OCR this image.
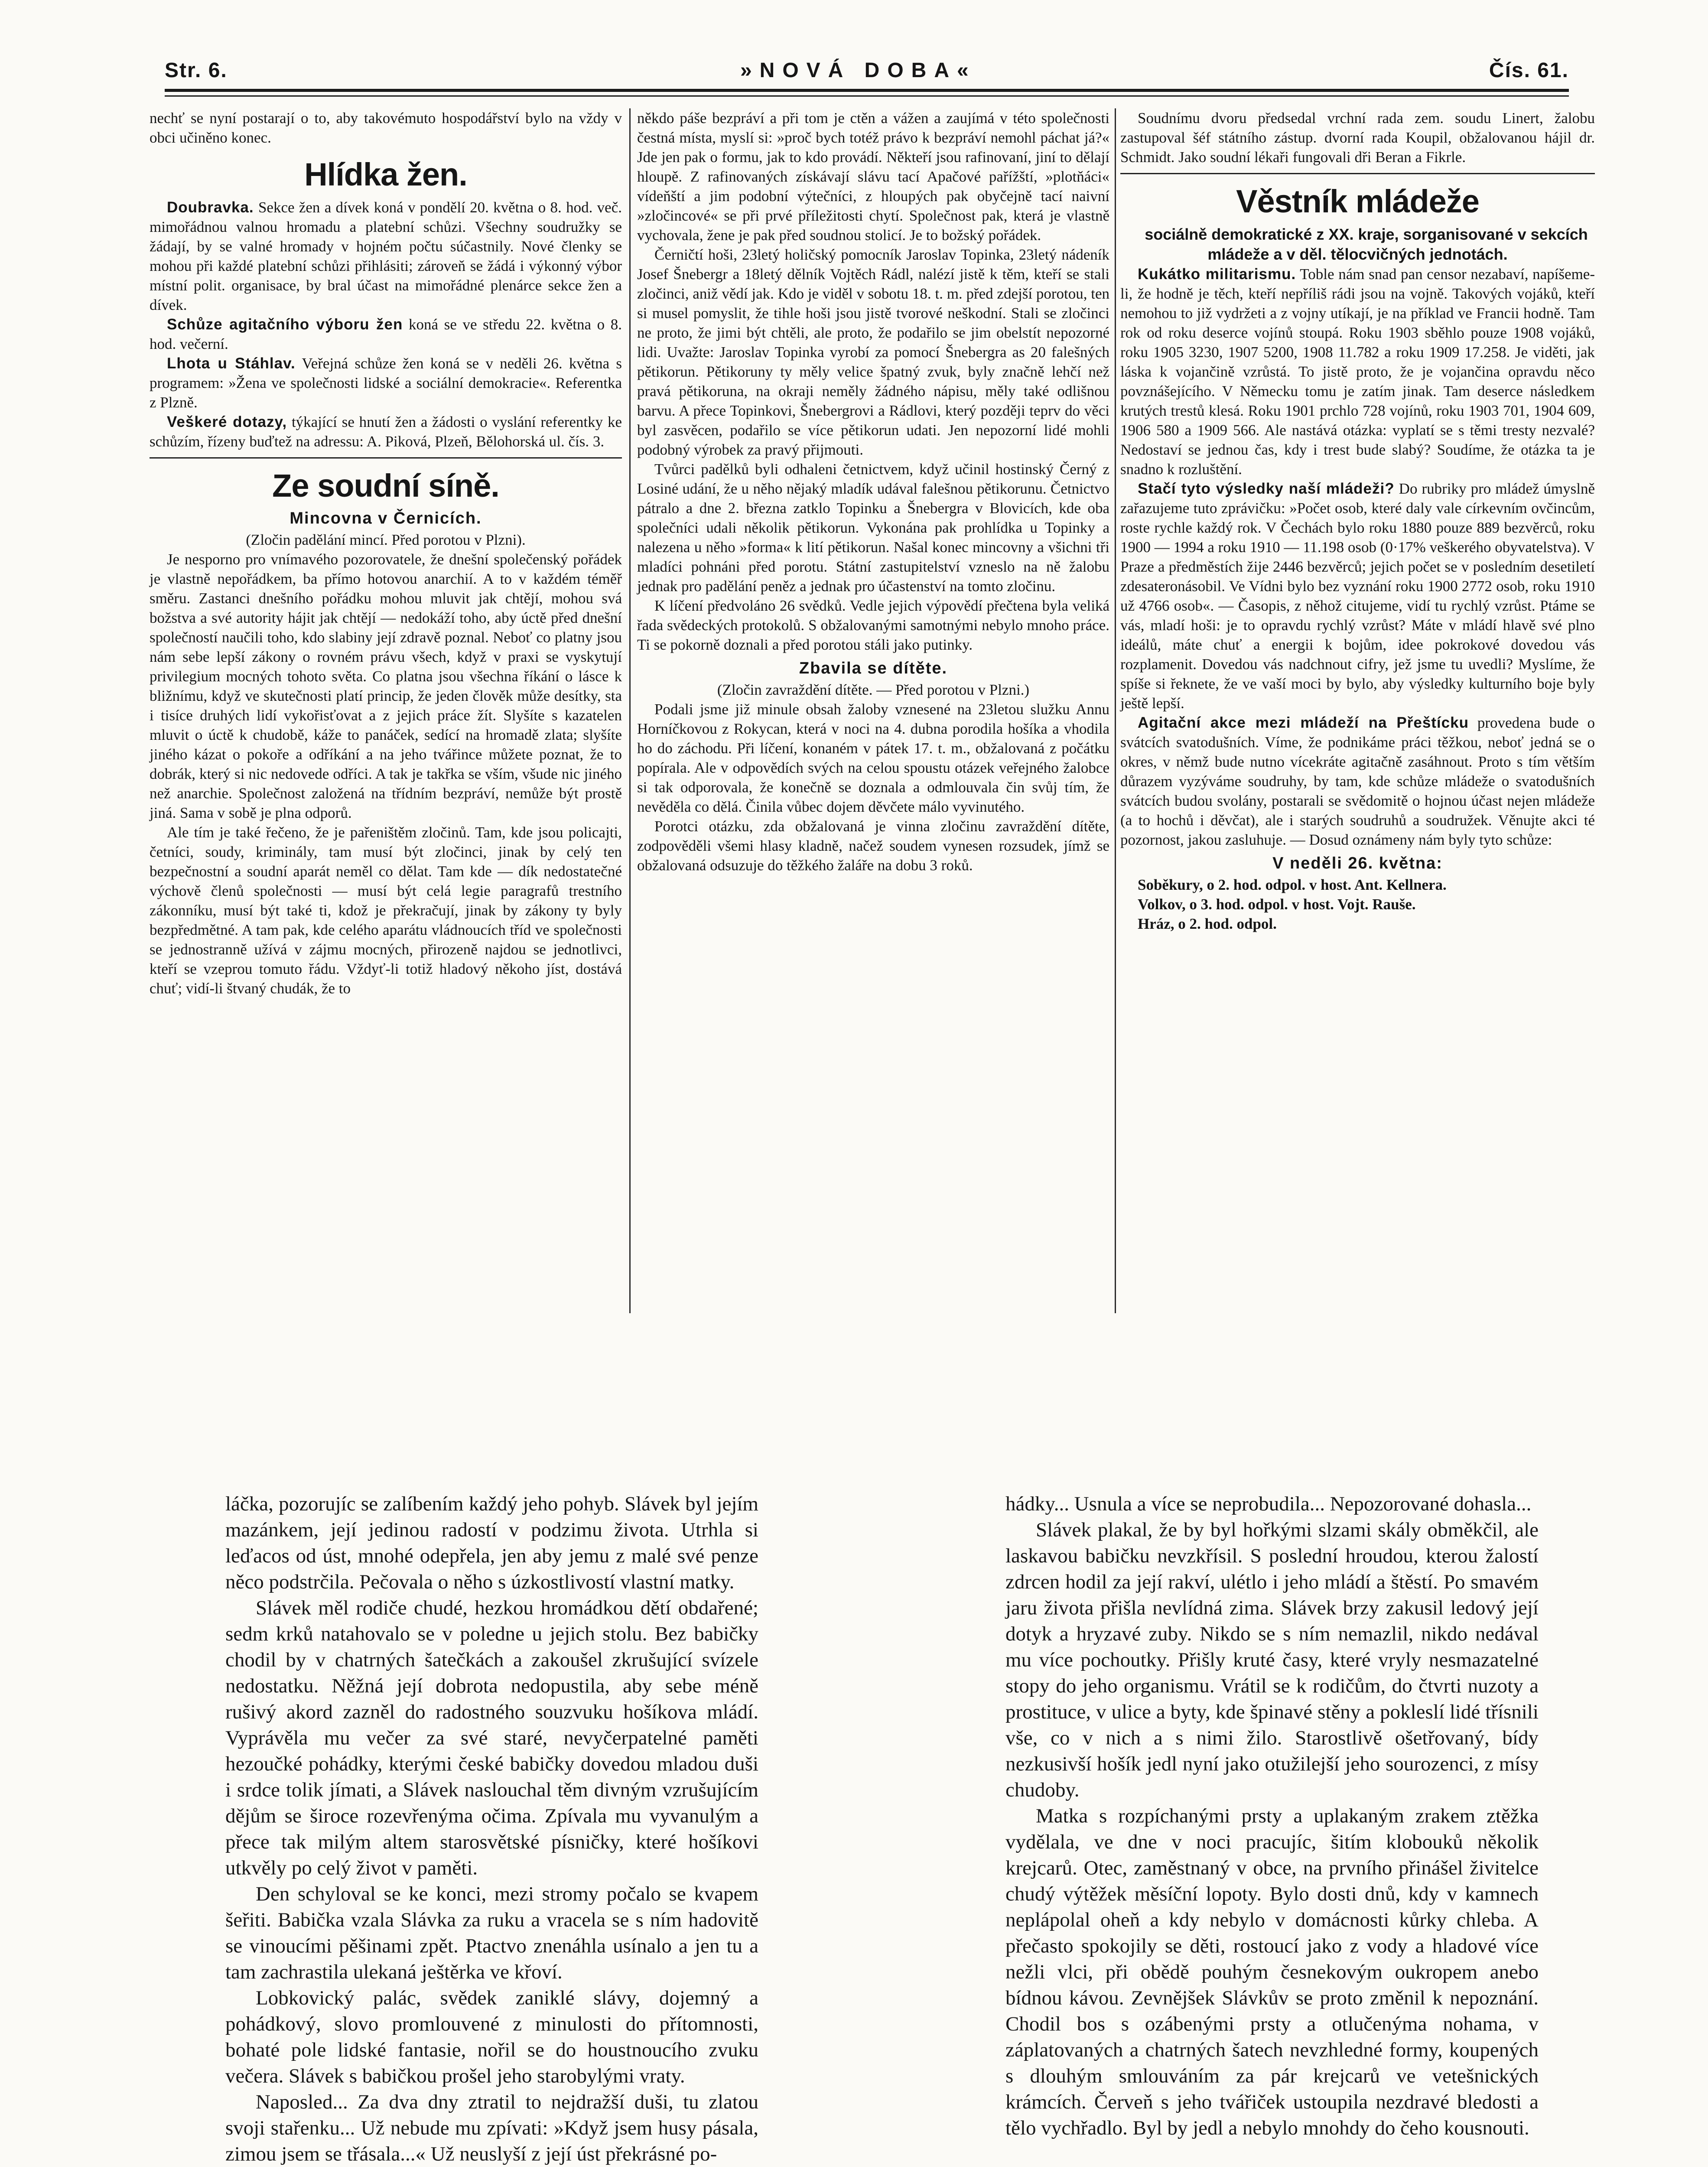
Str. 6.	»NOVÁ DOBA«	Čís. 61.

nechť se nyní postarají o to, aby takovémuto hospodářství bylo na vždy v obci učiněno konec.

Hlídka žen.

Doubravka. Sekce žen a dívek koná v pondělí 20. května o 8. hod. več. mimořádnou valnou hromadu a platební schůzi. Všechny soudružky se žádají, by se valné hromady v hojném počtu súčastnily. Nové členky se mohou při každé platební schůzi přihlásiti; zároveň se žádá i výkonný výbor místní polit. organisace, by bral účast na mimořádné plenárce sekce žen a dívek.

Schůze agitačního výboru žen koná se ve středu 22. května o 8. hod. večerní.

Lhota u Stáhlav. Veřejná schůze žen koná se v neděli 26. května s programem: »Žena ve společnosti lidské a sociální demokracie«. Referentka z Plzně.

Veškeré dotazy, týkající se hnutí žen a žádosti o vyslání referentky ke schůzím, řízeny buďtež na adressu: A. Piková, Plzeň, Bělohorská ul. čís. 3.

Ze soudní síně.
Mincovna v Černicích.

(Zločin padělání mincí. Před porotou v Plzni).

Je nesporno pro vnímavého pozorovatele, že dnešní společenský pořádek je vlastně nepořádkem, ba přímo hotovou anarchií. A to v každém téměř směru. Zastanci dnešního pořádku mohou mluvit jak chtějí, mohou svá božstva a své autority hájit jak chtějí — nedokáží toho, aby úctě před dnešní společností naučili toho, kdo slabiny její zdravě poznal. Neboť co platny jsou nám sebe lepší zákony o rovném právu všech, když v praxi se vyskytují privilegium mocných tohoto světa. Co platna jsou všechna říkání o lásce k bližnímu, když ve skutečnosti platí princip, že jeden člověk může desítky, sta i tisíce druhých lidí vykořisťovat a z jejich práce žít. Slyšíte s kazatelen mluvit o úctě k chudobě, káže to panáček, sedící na hromadě zlata; slyšíte jiného kázat o pokoře a odříkání a na jeho tvářince můžete poznat, že to dobrák, který si nic nedovede odříci. A tak je takřka se vším, všude nic jiného než anarchie. Společnost založená na třídním bezpráví, nemůže být prostě jiná. Sama v sobě je plna odporů.

Ale tím je také řečeno, že je pařeništěm zločinů. Tam, kde jsou policajti, četníci, soudy, kriminály, tam musí být zločinci, jinak by celý ten bezpečnostní a soudní aparát neměl co dělat. Tam kde — dík nedostatečné výchově členů společnosti — musí být celá legie paragrafů trestního zákonníku, musí být také ti, kdož je překračují, jinak by zákony ty byly bezpředmětné. A tam pak, kde celého aparátu vládnoucích tříd ve společnosti se jednostranně užívá v zájmu mocných, přirozeně najdou se jednotlivci, kteří se vzeprou tomuto řádu. Vždyť-li totiž hladový někoho jíst, dostává chuť; vidí-li štvaný chudák, že to

někdo páše bezpráví a při tom je ctěn a vážen a zaujímá v této společnosti čestná místa, myslí si: »proč bych totéž právo k bezpráví nemohl páchat já?« Jde jen pak o formu, jak to kdo provádí. Někteří jsou rafinovaní, jiní to dělají hloupě. Z rafinovaných získávají slávu tací Apačové pařížští, »plotňáci« vídeňští a jim podobní výtečníci, z hloupých pak obyčejně tací naivní »zločincové« se při prvé příležitosti chytí. Společnost pak, která je vlastně vychovala, žene je pak před soudnou stolicí. Je to božský pořádek.

Černičtí hoši, 23letý holičský pomocník Jaroslav Topinka, 23letý nádeník Josef Šnebergr a 18letý dělník Vojtěch Rádl, nalézí jistě k těm, kteří se stali zločinci, aniž vědí jak. Kdo je viděl v sobotu 18. t. m. před zdejší porotou, ten si musel pomyslit, že tihle hoši jsou jistě tvorové neškodní. Stali se zločinci ne proto, že jimi být chtěli, ale proto, že podařilo se jim obelstít nepozorné lidi. Uvažte: Jaroslav Topinka vyrobí za pomocí Šnebergra as 20 falešných pětikorun. Pětikoruny ty měly velice špatný zvuk, byly značně lehčí než pravá pětikoruna, na okraji neměly žádného nápisu, měly také odlišnou barvu. A přece Topinkovi, Šnebergrovi a Rádlovi, který později teprv do věci byl zasvěcen, podařilo se více pětikorun udati. Jen nepozorní lidé mohli podobný výrobek za pravý přijmouti.

Tvůrci padělků byli odhaleni četnictvem, když učinil hostinský Černý z Losiné udání, že u něho nějaký mladík udával falešnou pětikorunu. Četnictvo pátralo a dne 2. března zatklo Topinku a Šnebergra v Blovicích, kde oba společníci udali několik pětikorun. Vykonána pak prohlídka u Topinky a nalezena u něho »forma« k lití pětikorun. Našal konec mincovny a všichni tři mladíci pohnáni před porotu. Státní zastupitelství vzneslo na ně žalobu jednak pro padělání peněz a jednak pro účastenství na tomto zločinu.

K líčení předvoláno 26 svědků. Vedle jejich výpovědí přečtena byla veliká řada svědeckých protokolů. S obžalovanými samotnými nebylo mnoho práce. Ti se pokorně doznali a před porotou stáli jako putinky.

Zbavila se dítěte.

(Zločin zavraždění dítěte. — Před porotou v Plzni.)

Podali jsme již minule obsah žaloby vznesené na 23letou služku Annu Horníčkovou z Rokycan, která v noci na 4. dubna porodila hošíka a vhodila ho do záchodu. Při líčení, konaném v pátek 17. t. m., obžalovaná z počátku popírala. Ale v odpovědích svých na celou spoustu otázek veřejného žalobce si tak odporovala, že konečně se doznala a odmlouvala čin svůj tím, že nevěděla co dělá. Činila vůbec dojem děvčete málo vyvinutého.

Porotci otázku, zda obžalovaná je vinna zločinu zavraždění dítěte, zodpověděli všemi hlasy kladně, načež soudem vynesen rozsudek, jímž se obžalovaná odsuzuje do těžkého žaláře na dobu 3 roků.

Soudnímu dvoru předsedal vrchní rada zem. soudu Linert, žalobu zastupoval šéf státního zástup. dvorní rada Koupil, obžalovanou hájil dr. Schmidt. Jako soudní lékaři fungovali dři Beran a Fikrle.

Věstník mládeže

sociálně demokratické z XX. kraje, sorganisované v sekcích mládeže a v děl. tělocvičných jednotách.

Kukátko militarismu. Toble nám snad pan censor nezabaví, napíšeme-li, že hodně je těch, kteří nepříliš rádi jsou na vojně. Takových vojáků, kteří nemohou to již vydržeti a z vojny utíkají, je na příklad ve Francii hodně. Tam rok od roku deserce vojínů stoupá. Roku 1903 sběhlo pouze 1908 vojáků, roku 1905 3230, 1907 5200, 1908 11.782 a roku 1909 17.258. Je viděti, jak láska k vojančině vzrůstá. To jistě proto, že je vojančina opravdu něco povznášejícího. V Německu tomu je zatím jinak. Tam deserce následkem krutých trestů klesá. Roku 1901 prchlo 728 vojínů, roku 1903 701, 1904 609, 1906 580 a 1909 566. Ale nastává otázka: vyplatí se s těmi tresty nezvalé? Nedostaví se jednou čas, kdy i trest bude slabý? Soudíme, že otázka ta je snadno k rozluštění.

Stačí tyto výsledky naší mládeži? Do rubriky pro mládež úmyslně zařazujeme tuto zprávičku: »Počet osob, které daly vale církevním ovčincům, roste rychle každý rok. V Čechách bylo roku 1880 pouze 889 bezvěrců, roku 1900 — 1994 a roku 1910 — 11.198 osob (0·17% veškerého obyvatelstva). V Praze a předměstích žije 2446 bezvěrců; jejich počet se v posledním desetiletí zdesateronásobil. Ve Vídni bylo bez vyznání roku 1900 2772 osob, roku 1910 už 4766 osob«. — Časopis, z něhož citujeme, vidí tu rychlý vzrůst. Ptáme se vás, mladí hoši: je to opravdu rychlý vzrůst? Máte v mládí hlavě své plno ideálů, máte chuť a energii k bojům, idee pokrokové dovedou vás rozplamenit. Dovedou vás nadchnout cifry, jež jsme tu uvedli? Myslíme, že spíše si řeknete, že ve vaší moci by bylo, aby výsledky kulturního boje byly ještě lepší.

Agitační akce mezi mládeží na Přeštícku provedena bude o svátcích svatodušních. Víme, že podnikáme práci těžkou, neboť jedná se o okres, v němž bude nutno vícekráte agitačně zasáhnout. Proto s tím větším důrazem vyzýváme soudruhy, by tam, kde schůze mládeže o svatodušních svátcích budou svolány, postarali se svědomitě o hojnou účast nejen mládeže (a to hochů i děvčat), ale i starých soudruhů a soudružek. Věnujte akci té pozornost, jakou zasluhuje. — Dosud oznámeny nám byly tyto schůze:

V neděli 26. května:

Soběkury, o 2. hod. odpol. v host. Ant. Kellnera.

Volkov, o 3. hod. odpol. v host. Vojt. Rauše.

Hráz, o 2. hod. odpol.

láčka, pozorujíc se zalíbením každý jeho pohyb. Slávek byl jejím mazánkem, její jedinou radostí v podzimu života. Utrhla si leďacos od úst, mnohé odepřela, jen aby jemu z malé své penze něco podstrčila. Pečovala o něho s úzkostlivostí vlastní matky.

Slávek měl rodiče chudé, hezkou hromádkou dětí obdařené; sedm krků natahovalo se v poledne u jejich stolu. Bez babičky chodil by v chatrných šatečkách a zakoušel zkrušující svízele nedostatku. Něžná její dobrota nedopustila, aby sebe méně rušivý akord zazněl do radostného souzvuku hošíkova mládí. Vyprávěla mu večer za své staré, nevyčerpatelné paměti hezoučké pohádky, kterými české babičky dovedou mladou duši i srdce tolik jímati, a Slávek naslouchal těm divným vzrušujícím dějům se široce rozevřenýma očima. Zpívala mu vyvanulým a přece tak milým altem starosvětské písničky, které hošíkovi utkvěly po celý život v paměti.

Den schyloval se ke konci, mezi stromy počalo se kvapem šeřiti. Babička vzala Slávka za ruku a vracela se s ním hadovitě se vinoucími pěšinami zpět. Ptactvo znenáhla usínalo a jen tu a tam zachrastila ulekaná ještěrka ve křoví.

Lobkovický palác, svědek zaniklé slávy, dojemný a pohádkový, slovo promlouvené z minulosti do přítomnosti, bohaté pole lidské fantasie, nořil se do houstnoucího zvuku večera. Slávek s babičkou prošel jeho starobylými vraty.

Naposled... Za dva dny ztratil to nejdražší duši, tu zlatou svoji stařenku... Už nebude mu zpívati: »Když jsem husy pásala, zimou jsem se třásala...« Už neuslyší z její úst překrásné po-

hádky... Usnula a více se neprobudila... Nepozorované dohasla...

Slávek plakal, že by byl hořkými slzami skály obměkčil, ale laskavou babičku nevzkřísil. S poslední hroudou, kterou žalostí zdrcen hodil za její rakví, ulétlo i jeho mládí a štěstí. Po smavém jaru života přišla nevlídná zima. Slávek brzy zakusil ledový její dotyk a hryzavé zuby. Nikdo se s ním nemazlil, nikdo nedával mu více pochoutky. Přišly kruté časy, které vryly nesmazatelné stopy do jeho organismu. Vrátil se k rodičům, do čtvrti nuzoty a prostituce, v ulice a byty, kde špinavé stěny a pokleslí lidé třísnili vše, co v nich a s nimi žilo. Starostlivě ošetřovaný, bídy nezkusivší hošík jedl nyní jako otužilejší jeho sourozenci, z mísy chudoby.

Matka s rozpíchanými prsty a uplakaným zrakem ztěžka vydělala, ve dne v noci pracujíc, šitím klobouků několik krejcarů. Otec, zaměstnaný v obce, na prvního přinášel živitelce chudý výtěžek měsíční lopoty. Bylo dosti dnů, kdy v kamnech neplápolal oheň a kdy nebylo v domácnosti kůrky chleba. A přečasto spokojily se děti, rostoucí jako z vody a hladové více nežli vlci, při obědě pouhým česnekovým oukropem anebo bídnou kávou. Zevnějšek Slávkův se proto změnil k nepoznání. Chodil bos s ozábenými prsty a otlučenýma nohama, v záplatovaných a chatrných šatech nevzhledné formy, koupených s dlouhým smlouváním za pár krejcarů ve vetešnických krámcích. Červeň s jeho tvářiček ustoupila nezdravé bledosti a tělo vychřadlo. Byl by jedl a nebylo mnohdy do čeho kousnouti.
